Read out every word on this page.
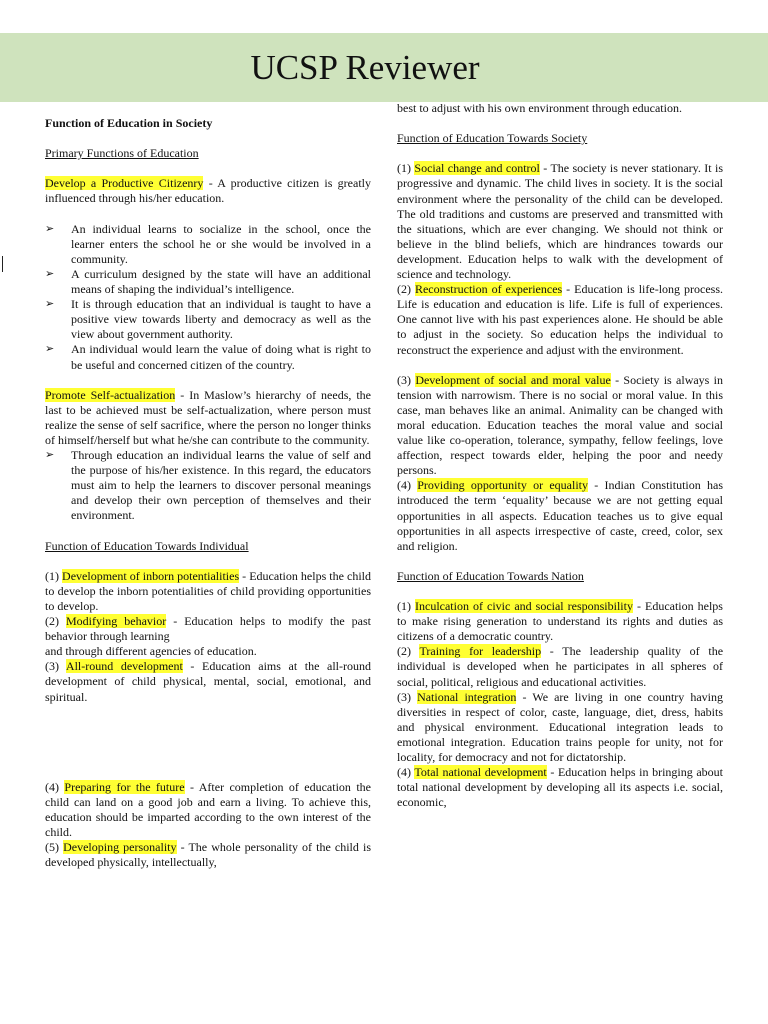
UCSP Reviewer

Function of Education in Society

Primary Functions of Education

Develop a Productive Citizenry - A productive citizen is greatly influenced through his/her education.

➢ An individual learns to socialize in the school, once the learner enters the school he or she would be involved in a community.

➢ A curriculum designed by the state will have an additional means of shaping the individual’s intelligence.

➢ It is through education that an individual is taught to have a positive view towards liberty and democracy as well as the view about government authority.

➢ An individual would learn the value of doing what is right to be useful and concerned citizen of the country.

Promote Self-actualization - In Maslow’s hierarchy of needs, the last to be achieved must be self-actualization, where person must realize the sense of self sacrifice, where the person no longer thinks of himself/herself but what he/she can contribute to the community.

➢ Through education an individual learns the value of self and the purpose of his/her existence. In this regard, the educators must aim to help the learners to discover personal meanings and develop their own perception of themselves and their environment.

Function of Education Towards Individual

(1) Development of inborn potentialities - Education helps the child to develop the inborn potentialities of child providing opportunities to develop.

(2) Modifying behavior - Education helps to modify the past behavior through learning

and through different agencies of education.

(3) All-round development - Education aims at the all-round development of child physical, mental, social, emotional, and spiritual.

(4) Preparing for the future - After completion of education the child can land on a good job and earn a living. To achieve this, education should be imparted according to the own interest of the child.

(5) Developing personality - The whole personality of the child is developed physically, intellectually,

best to adjust with his own environment through education.

Function of Education Towards Society

(1) Social change and control - The society is never stationary. It is progressive and dynamic. The child lives in society. It is the social environment where the personality of the child can be developed. The old traditions and customs are preserved and transmitted with the situations, which are ever changing. We should not think or believe in the blind beliefs, which are hindrances towards our development. Education helps to walk with the development of science and technology.

(2) Reconstruction of experiences - Education is life-long process. Life is education and education is life. Life is full of experiences. One cannot live with his past experiences alone. He should be able to adjust in the society. So education helps the individual to reconstruct the experience and adjust with the environment.

(3) Development of social and moral value - Society is always in tension with narrowism. There is no social or moral value. In this case, man behaves like an animal. Animality can be changed with moral education. Education teaches the moral value and social value like co-operation, tolerance, sympathy, fellow feelings, love affection, respect towards elder, helping the poor and needy persons.

(4) Providing opportunity or equality - Indian Constitution has introduced the term ‘equality’ because we are not getting equal opportunities in all aspects. Education teaches us to give equal opportunities in all aspects irrespective of caste, creed, color, sex and religion.

Function of Education Towards Nation

(1) Inculcation of civic and social responsibility - Education helps to make rising generation to understand its rights and duties as citizens of a democratic country.

(2) Training for leadership - The leadership quality of the individual is developed when he participates in all spheres of social, political, religious and educational activities.

(3) National integration - We are living in one country having diversities in respect of color, caste, language, diet, dress, habits and physical environment. Educational integration leads to emotional integration. Education trains people for unity, not for locality, for democracy and not for dictatorship.

(4) Total national development - Education helps in bringing about total national development by developing all its aspects i.e. social, economic,
